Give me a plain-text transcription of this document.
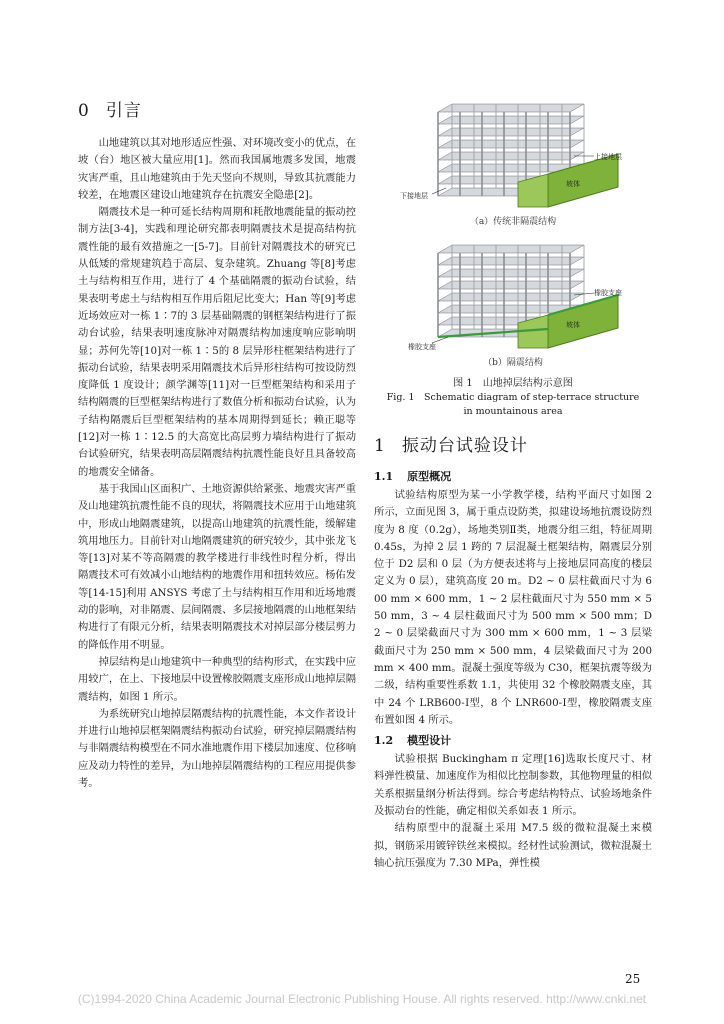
0 引言

山地建筑以其对地形适应性强、对环境改变小的优点，在坡（台）地区被大量应用[1]。然而我国属地震多发国，地震灾害严重，且山地建筑由于先天竖向不规则，导致其抗震能力较差，在地震区建设山地建筑存在抗震安全隐患[2]。

隔震技术是一种可延长结构周期和耗散地震能量的振动控制方法[3-4]，实践和理论研究都表明隔震技术是提高结构抗震性能的最有效措施之一[5-7]。目前针对隔震技术的研究已从低矮的常规建筑趋于高层、复杂建筑。Zhuang 等[8]考虑土与结构相互作用，进行了 4 个基础隔震的振动台试验，结果表明考虑土与结构相互作用后阻尼比变大；Han 等[9]考虑近场效应对一栋 1∶7的 3 层基础隔震的钢框架结构进行了振动台试验，结果表明速度脉冲对隔震结构加速度响应影响明显；苏何先等[10]对一栋 1∶5的 8 层异形柱框架结构进行了振动台试验，结果表明采用隔震技术后异形柱结构可按设防烈度降低 1 度设计；颜学渊等[11]对一巨型框架结构和采用子结构隔震的巨型框架结构进行了数值分析和振动台试验，认为子结构隔震后巨型框架结构的基本周期得到延长；赖正聪等[12]对一栋 1∶12.5 的大高宽比高层剪力墙结构进行了振动台试验研究，结果表明高层隔震结构抗震性能良好且具备较高的地震安全储备。

基于我国山区面积广、土地资源供给紧张、地震灾害严重及山地建筑抗震性能不良的现状，将隔震技术应用于山地建筑中，形成山地隔震建筑，以提高山地建筑的抗震性能，缓解建筑用地压力。目前针对山地隔震建筑的研究较少，其中张龙飞等[13]对某不等高隔震的教学楼进行非线性时程分析，得出隔震技术可有效减小山地结构的地震作用和扭转效应。杨佑发等[14-15]利用 ANSYS 考虑了土与结构相互作用和近场地震动的影响，对非隔震、层间隔震、多层接地隔震的山地框架结构进行了有限元分析，结果表明隔震技术对掉层部分楼层剪力的降低作用不明显。

掉层结构是山地建筑中一种典型的结构形式，在实践中应用较广，在上、下接地层中设置橡胶隔震支座形成山地掉层隔震结构，如图 1 所示。

为系统研究山地掉层隔震结构的抗震性能，本文作者设计并进行山地掉层框架隔震结构振动台试验，研究掉层隔震结构与非隔震结构模型在不同水准地震作用下楼层加速度、位移响应及动力特性的差异，为山地掉层隔震结构的工程应用提供参考。

坡体
上接地层
下接地层
（a）传统非隔震结构
坡体
橡胶支座
橡胶支座
（b）隔震结构
图 1　山地掉层结构示意图
Fig. 1　Schematic diagram of step-terrace structure
in mountainous area
1 振动台试验设计
1.1 原型概况

试验结构原型为某一小学教学楼，结构平面尺寸如图 2 所示，立面见图 3，属于重点设防类，拟建设场地抗震设防烈度为 8 度（0.2g），场地类别Ⅱ类，地震分组三组，特征周期 0.45s，为掉 2 层 1 跨的 7 层混凝土框架结构，隔震层分别位于 D2 层和 0 层（为方便表述将与上接地层同高度的楼层定义为 0 层），建筑高度 20 m。D2 ~ 0 层柱截面尺寸为 600 mm × 600 mm，1 ~ 2 层柱截面尺寸为 550 mm × 550 mm，3 ~ 4 层柱截面尺寸为 500 mm × 500 mm；D2 ~ 0 层梁截面尺寸为 300 mm × 600 mm，1 ~ 3 层梁截面尺寸为 250 mm × 500 mm，4 层梁截面尺寸为 200 mm × 400 mm。混凝土强度等级为 C30，框架抗震等级为二级，结构重要性系数 1.1，共使用 32 个橡胶隔震支座，其中 24 个 LRB600-Ⅰ型，8 个 LNR600-Ⅰ型，橡胶隔震支座布置如图 4 所示。

1.2 模型设计

试验根据 Buckingham π 定理[16]选取长度尺寸、材料弹性模量、加速度作为相似比控制参数，其他物理量的相似关系根据量纲分析法得到。综合考虑结构特点、试验场地条件及振动台的性能，确定相似关系如表 1 所示。

结构原型中的混凝土采用 M7.5 级的微粒混凝土来模拟，钢筋采用镀锌铁丝来模拟。经材性试验测试，微粒混凝土轴心抗压强度为 7.30 MPa，弹性模

25
(C)1994-2020 China Academic Journal Electronic Publishing House. All rights reserved. http://www.cnki.net
